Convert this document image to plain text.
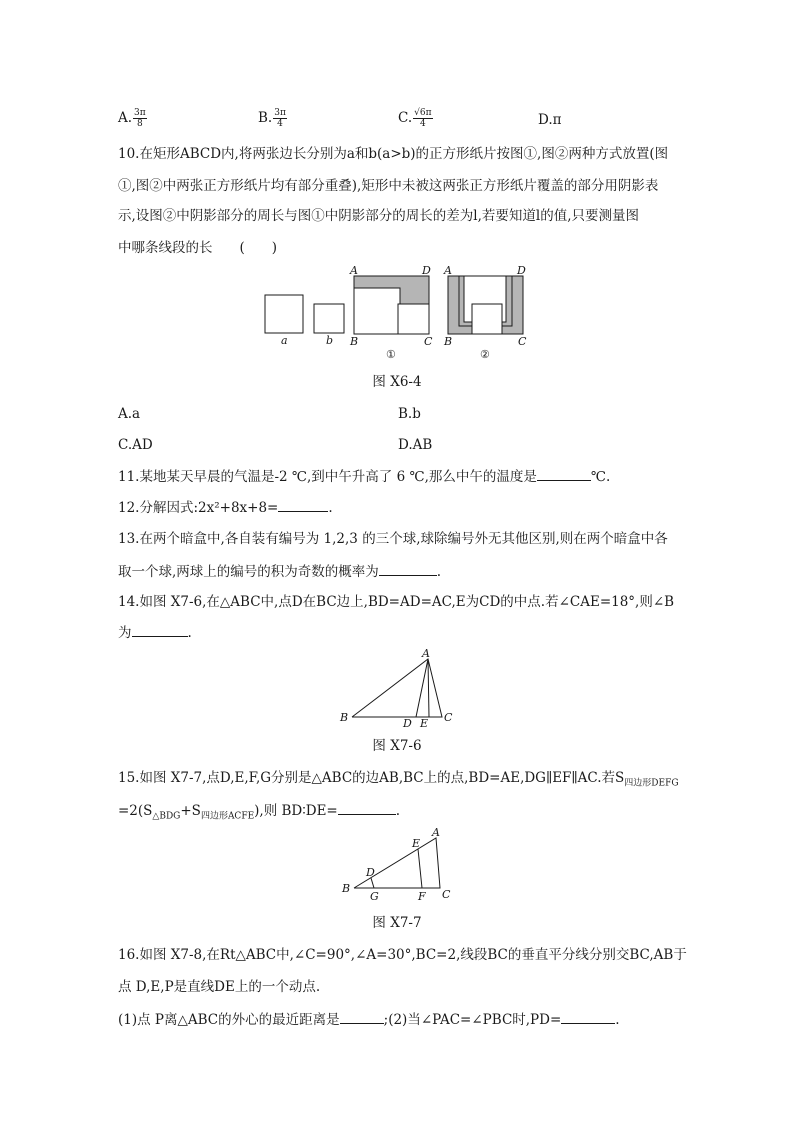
A. $\frac{3\pi}{8}$	B. $\frac{3\pi}{4}$	C. $\frac{√6\pi}{4}$	D.π
10.在矩形ABCD内,将两张边长分别为a和b(a>b)的正方形纸片按图①,图②两种方式放置(图
①,图②中两张正方形纸片均有部分重叠),矩形中未被这两张正方形纸片覆盖的部分用阴影表
示,设图②中阴影部分的周长与图①中阴影部分的周长的差为l,若要知道l的值,只要测量图
中哪条线段的长　　(　　)
a	b
A	D
B	C
①
A	D
B	C
②
图 X6-4
A.a	B.b
C.AD	D.AB
11.某地某天早晨的气温是-2 ℃,到中午升高了 6 ℃,那么中午的温度是	℃.
12.分解因式:2x²+8x+8=	.
13.在两个暗盒中,各自装有编号为 1,2,3 的三个球,球除编号外无其他区别,则在两个暗盒中各
取一个球,两球上的编号的积为奇数的概率为	.
14.如图 X7-6,在△ABC中,点D在BC边上,BD=AD=AC,E为CD的中点.若∠CAE=18°,则∠B
为	.
A
B	C
D E
图 X7-6
15.如图 X7-7,点D,E,F,G分别是△ABC的边AB,BC上的点,BD=AE,DG∥EF∥AC.若$S_{四边形DEFG}$
$=2(S_{\triangle BDG}+S_{四边形ACFE})$,则 BD∶DE=	.
A
B	C
D
E
F
G
图 X7-7
16.如图 X7-8,在Rt△ABC中,∠C=90°,∠A=30°,BC=2,线段BC的垂直平分线分别交BC,AB于
点 D,E,P是直线DE上的一个动点.
(1)点 P离△ABC的外心的最近距离是	;(2)当∠PAC=∠PBC时,PD=	.
